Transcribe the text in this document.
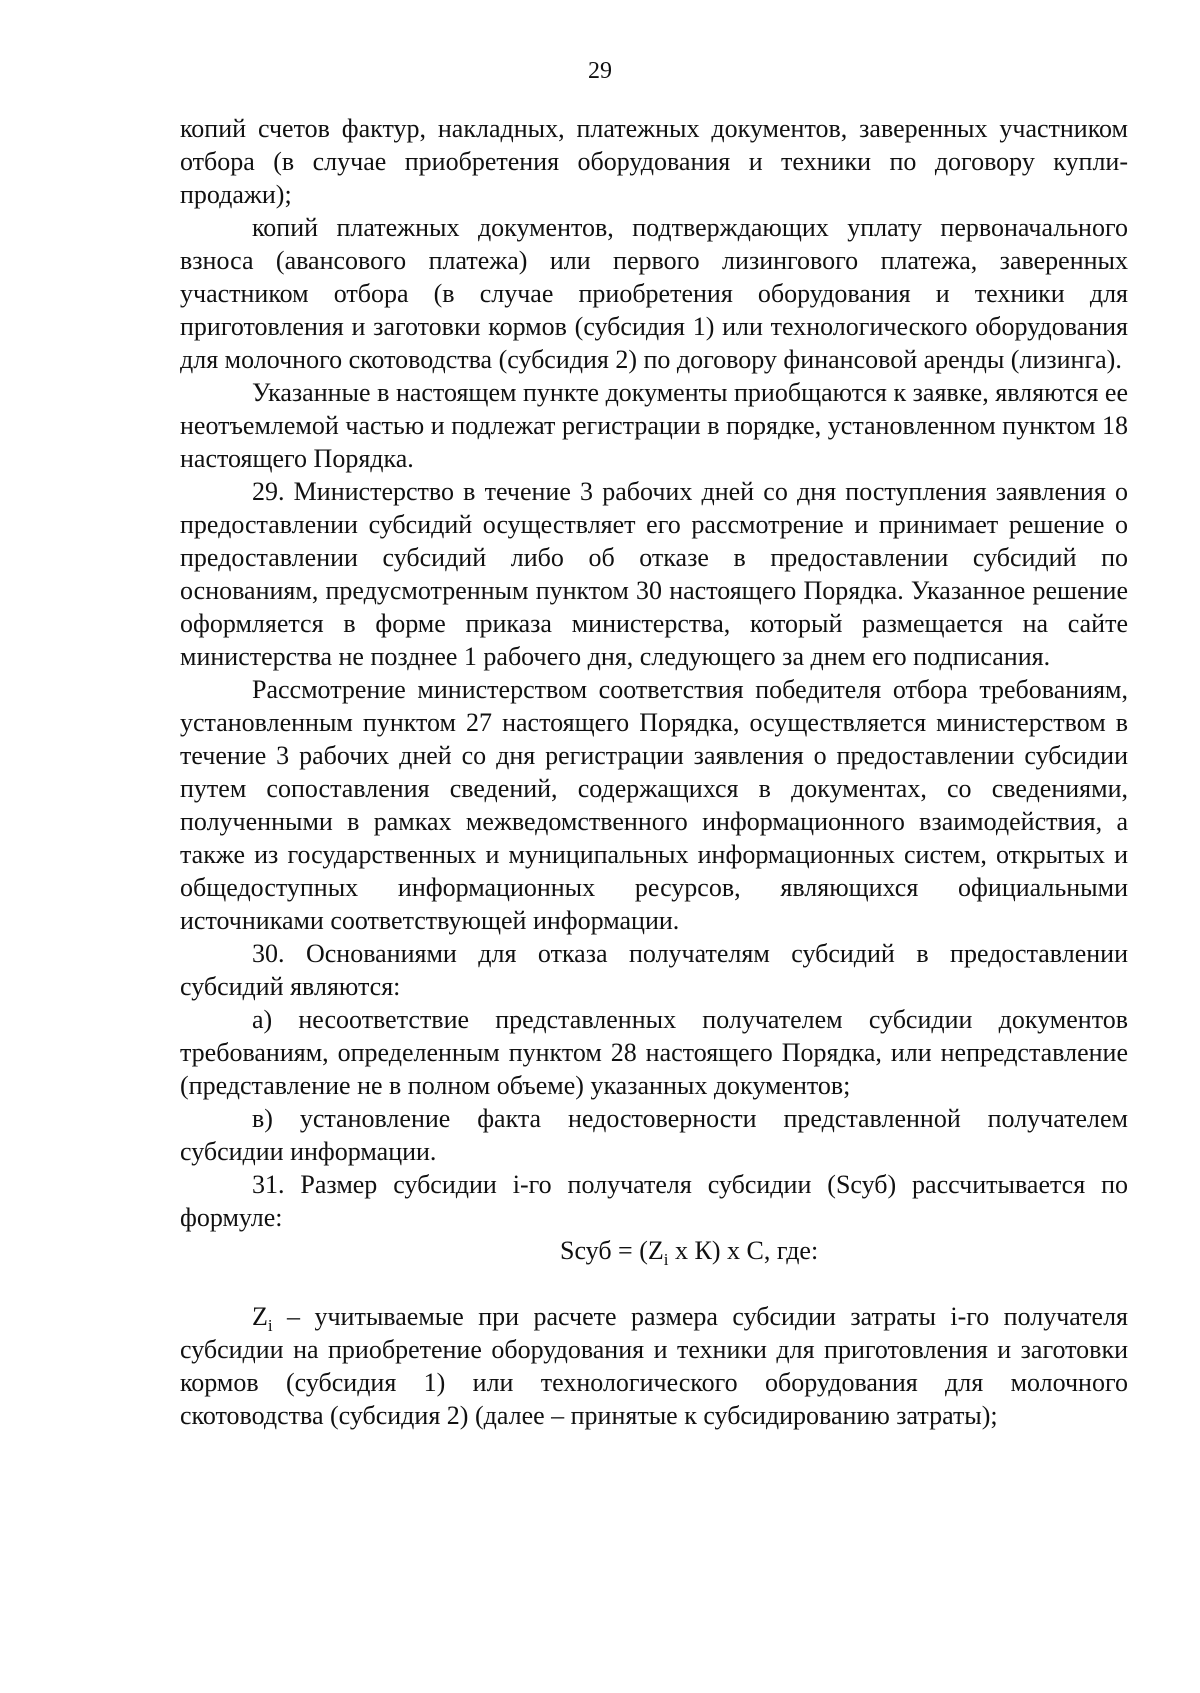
29

копий счетов фактур, накладных, платежных документов, заверенных участником отбора (в случае приобретения оборудования и техники по договору купли-продажи);

копий платежных документов, подтверждающих уплату первоначального взноса (авансового платежа) или первого лизингового платежа, заверенных участником отбора (в случае приобретения оборудования и техники для приготовления и заготовки кормов (субсидия 1) или технологического оборудования для молочного скотоводства (субсидия 2) по договору финансовой аренды (лизинга).

Указанные в настоящем пункте документы приобщаются к заявке, являются ее неотъемлемой частью и подлежат регистрации в порядке, установленном пунктом 18 настоящего Порядка.

29. Министерство в течение 3 рабочих дней со дня поступления заявления о предоставлении субсидий осуществляет его рассмотрение и принимает решение о предоставлении субсидий либо об отказе в предоставлении субсидий по основаниям, предусмотренным пунктом 30 настоящего Порядка. Указанное решение оформляется в форме приказа министерства, который размещается на сайте министерства не позднее 1 рабочего дня, следующего за днем его подписания.

Рассмотрение министерством соответствия победителя отбора требованиям, установленным пунктом 27 настоящего Порядка, осуществляется министерством в течение 3 рабочих дней со дня регистрации заявления о предоставлении субсидии путем сопоставления сведений, содержащихся в документах, со сведениями, полученными в рамках межведомственного информационного взаимодействия, а также из государственных и муниципальных информационных систем, открытых и общедоступных информационных ресурсов, являющихся официальными источниками соответствующей информации.

30. Основаниями для отказа получателям субсидий в предоставлении субсидий являются:

а) несоответствие представленных получателем субсидии документов требованиям, определенным пунктом 28 настоящего Порядка, или непредставление (представление не в полном объеме) указанных документов;

в) установление факта недостоверности представленной получателем субсидии информации.

31. Размер субсидии i-го получателя субсидии (Sсуб) рассчитывается по формуле:

Sсуб = ($Z_i$ х К) х С, где:

$Z_i$ – учитываемые при расчете размера субсидии затраты i-го получателя субсидии на приобретение оборудования и техники для приготовления и заготовки кормов (субсидия 1) или технологического оборудования для молочного скотоводства (субсидия 2) (далее – принятые к субсидированию затраты);
